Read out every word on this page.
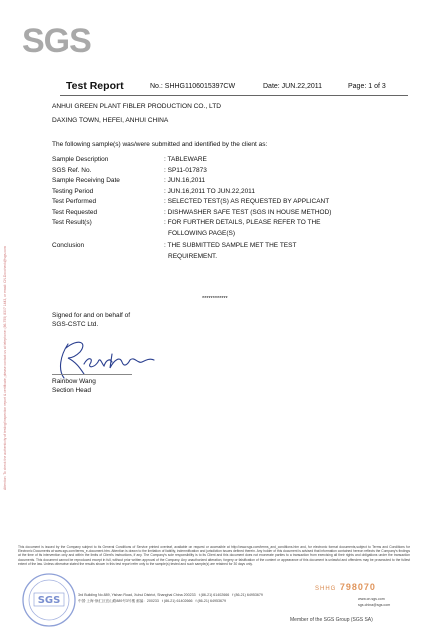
SGS
Attention: To check the authenticity of testing/inspection report & certificate, please contact us at telephone: (86-755) 8307 1443, or email: CN.Doccheck@sgs.com
Test Report	No.: SHHG1106015397CW	Date: JUN.22,2011	Page: 1 of 3
ANHUI GREEN PLANT FIBLER PRODUCTION CO., LTD
DAXING TOWN, HEFEI, ANHUI CHINA
The following sample(s) was/were submitted and identified by the client as:
Sample Description	: TABLEWARE
SGS Ref. No.	: SP11-017873
Sample Receiving Date	: JUN.16,2011
Testing Period	: JUN.16,2011 TO JUN.22,2011
Test Performed	: SELECTED TEST(S) AS REQUESTED BY APPLICANT
Test Requested	: DISHWASHER SAFE TEST (SGS IN HOUSE METHOD)
Test Result(s)	: FOR FURTHER DETAILS, PLEASE REFER TO THE
FOLLOWING PAGE(S)
Conclusion	: THE SUBMITTED SAMPLE MET THE TEST
REQUIREMENT.
************
Signed for and on behalf of
SGS-CSTC Ltd.
Rainbow Wang
Section Head
This document is issued by the Company subject to its General Conditions of Service printed overleaf, available on request or accessible at http://www.sgs.com/terms_and_conditions.htm and, for electronic format documents,subject to Terms and Conditions for Electronic Documents at www.sgs.com/terms_e-document.htm. Attention is drawn to the limitation of liability, indemnification and jurisdiction issues defined therein. Any holder of this document is advised that information contained hereon reflects the Company's findings at the time of its intervention only and within the limits of Client's instructions, if any. The Company's sole responsibility is to its Client and this document does not exonerate parties to a transaction from exercising all their rights and obligations under the transaction documents. This document cannot be reproduced except in full, without prior written approval of the Company. Any unauthorized alteration, forgery or falsification of the content or appearance of this document is unlawful and offenders may be prosecuted to the fullest extent of the law. Unless otherwise stated the results shown in this test report refer only to the sample(s) tested and such sample(s) are retained for 30 days only.
SGS	3rd Building No.889, Yishan Road, Xuhui District, Shanghai China 200233 t (86-21) 61402666 f (86-21) 64953679
中国·上海·徐汇区宜山路889号3号楼 邮编：200233 t (86-21) 61402666 f (86-21) 64953679
SHHG 798070
www.cn.sgs.com
sgs.china@sgs.com
Member of the SGS Group (SGS SA)
